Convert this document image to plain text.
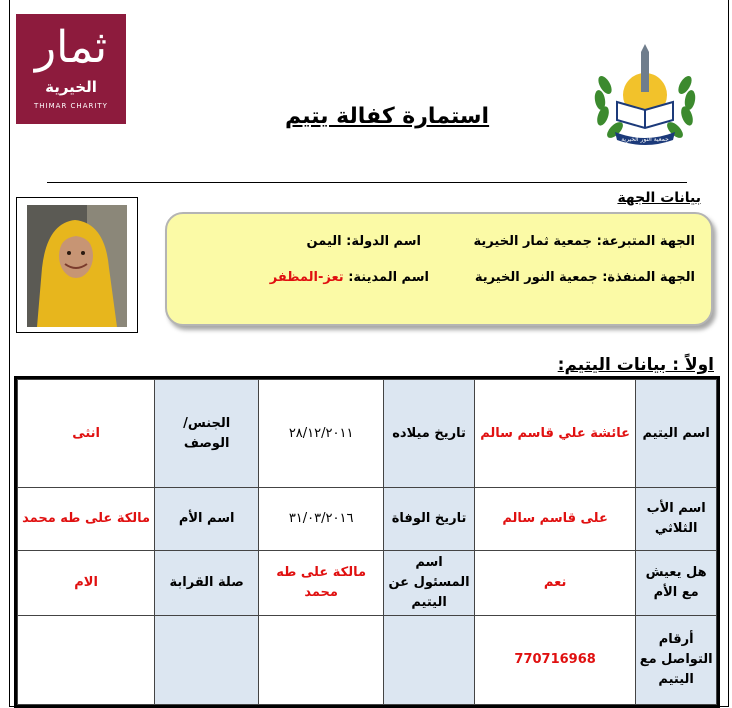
ثمار
الخيرية
THIMAR CHARITY
جمعية النور الخيرية
استمارة كفالة يتيم
بيانات الجهة
الجهة المتبرعة: جمعية ثمار الخيرية
اسم الدولة: اليمن
الجهة المنفذة: جمعية النور الخيرية
اسم المدينة: تعز-المظفر
اولاً : بيانات اليتيم:
اسم اليتيم	عائشة علي قاسم سالم	تاريخ ميلاده	٢٨/١٢/٢٠١١	الجنس/ الوصف	انثى
اسم الأب الثلاثي	على قاسم سالم	تاريخ الوفاة	٣١/٠٣/٢٠١٦	اسم الأم	مالكة على طه محمد
هل يعيش مع الأم	نعم	اسم المسئول عن اليتيم	مالكة على طه محمد	صلة القرابة	الام
أرقام التواصل مع اليتيم	770716968				
